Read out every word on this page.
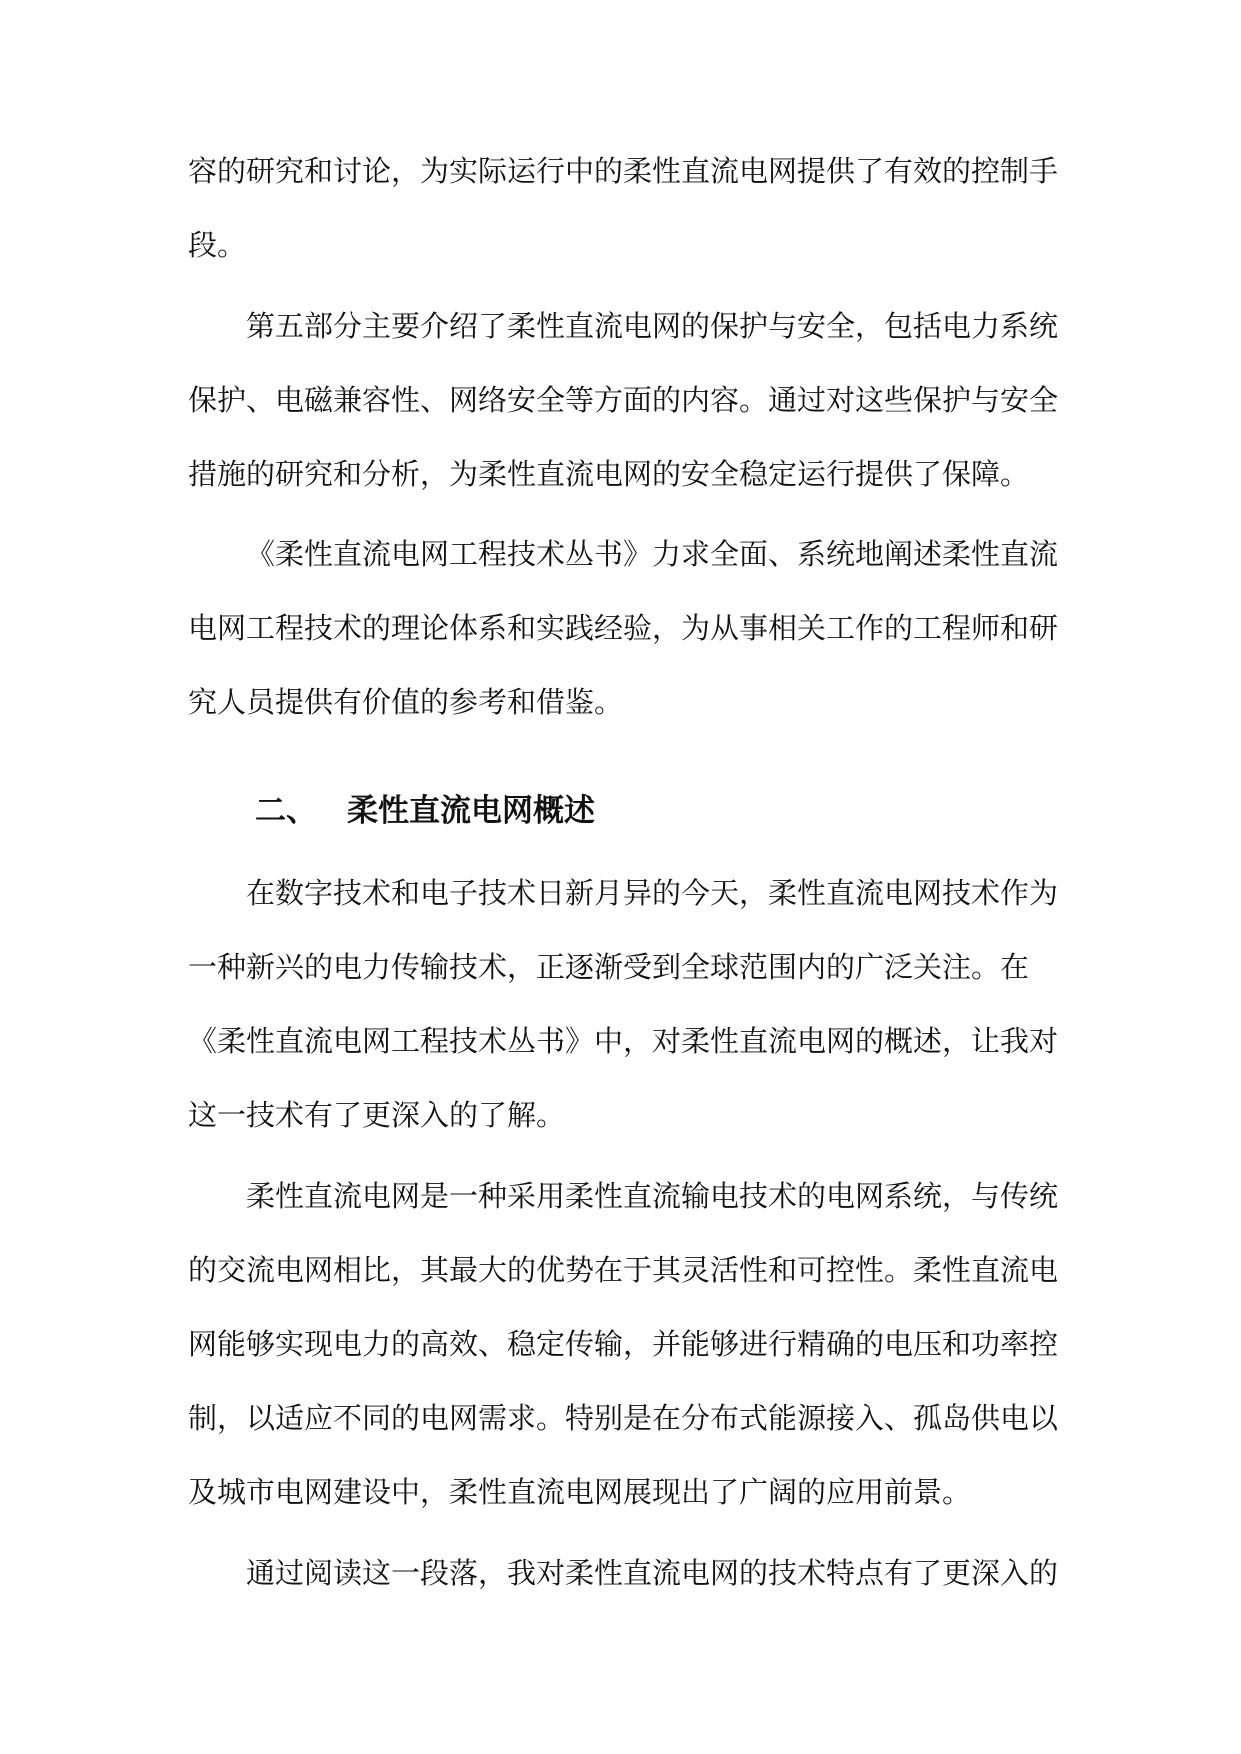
容的研究和讨论，为实际运行中的柔性直流电网提供了有效的控制手
段。
第五部分主要介绍了柔性直流电网的保护与安全，包括电力系统
保护、电磁兼容性、网络安全等方面的内容。通过对这些保护与安全
措施的研究和分析，为柔性直流电网的安全稳定运行提供了保障。
《柔性直流电网工程技术丛书》力求全面、系统地阐述柔性直流
电网工程技术的理论体系和实践经验，为从事相关工作的工程师和研
究人员提供有价值的参考和借鉴。
二、 柔性直流电网概述
在数字技术和电子技术日新月异的今天，柔性直流电网技术作为
一种新兴的电力传输技术，正逐渐受到全球范围内的广泛关注。在
《柔性直流电网工程技术丛书》中，对柔性直流电网的概述，让我对
这一技术有了更深入的了解。
柔性直流电网是一种采用柔性直流输电技术的电网系统，与传统
的交流电网相比，其最大的优势在于其灵活性和可控性。柔性直流电
网能够实现电力的高效、稳定传输，并能够进行精确的电压和功率控
制，以适应不同的电网需求。特别是在分布式能源接入、孤岛供电以
及城市电网建设中，柔性直流电网展现出了广阔的应用前景。
通过阅读这一段落，我对柔性直流电网的技术特点有了更深入的
